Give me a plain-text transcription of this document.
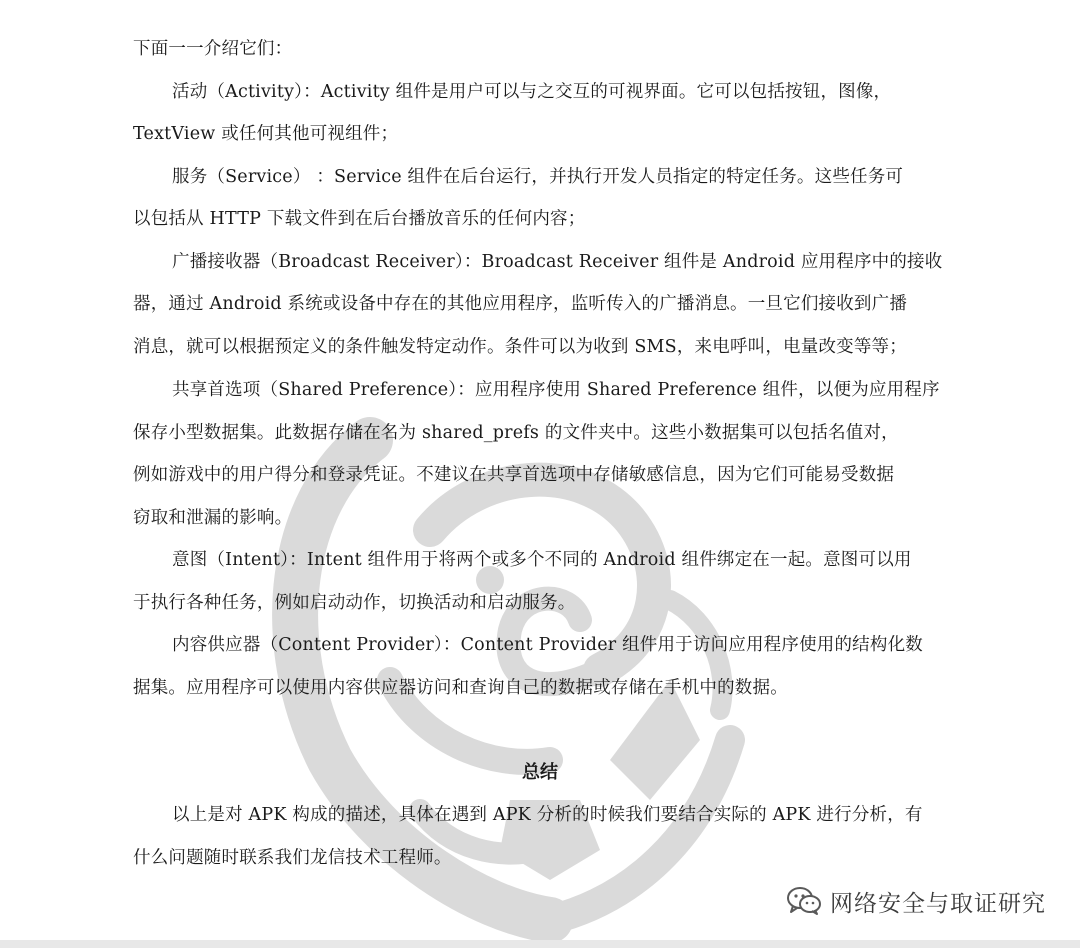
下面一一介绍它们：
活动（Activity）：Activity 组件是用户可以与之交互的可视界面。它可以包括按钮，图像，
TextView 或任何其他可视组件；
服务（Service） ：Service 组件在后台运行，并执行开发人员指定的特定任务。这些任务可
以包括从 HTTP 下载文件到在后台播放音乐的任何内容；
广播接收器（Broadcast Receiver）：Broadcast Receiver 组件是 Android 应用程序中的接收
器，通过 Android 系统或设备中存在的其他应用程序，监听传入的广播消息。一旦它们接收到广播
消息，就可以根据预定义的条件触发特定动作。条件可以为收到 SMS，来电呼叫，电量改变等等；
共享首选项（Shared Preference）：应用程序使用 Shared Preference 组件，以便为应用程序
保存小型数据集。此数据存储在名为 shared_prefs 的文件夹中。这些小数据集可以包括名值对，
例如游戏中的用户得分和登录凭证。不建议在共享首选项中存储敏感信息，因为它们可能易受数据
窃取和泄漏的影响。
意图（Intent）：Intent 组件用于将两个或多个不同的 Android 组件绑定在一起。意图可以用
于执行各种任务，例如启动动作，切换活动和启动服务。
内容供应器（Content Provider）：Content Provider 组件用于访问应用程序使用的结构化数
据集。应用程序可以使用内容供应器访问和查询自己的数据或存储在手机中的数据。
总结
以上是对 APK 构成的描述，具体在遇到 APK 分析的时候我们要结合实际的 APK 进行分析，有
什么问题随时联系我们龙信技术工程师。
网络安全与取证研究
